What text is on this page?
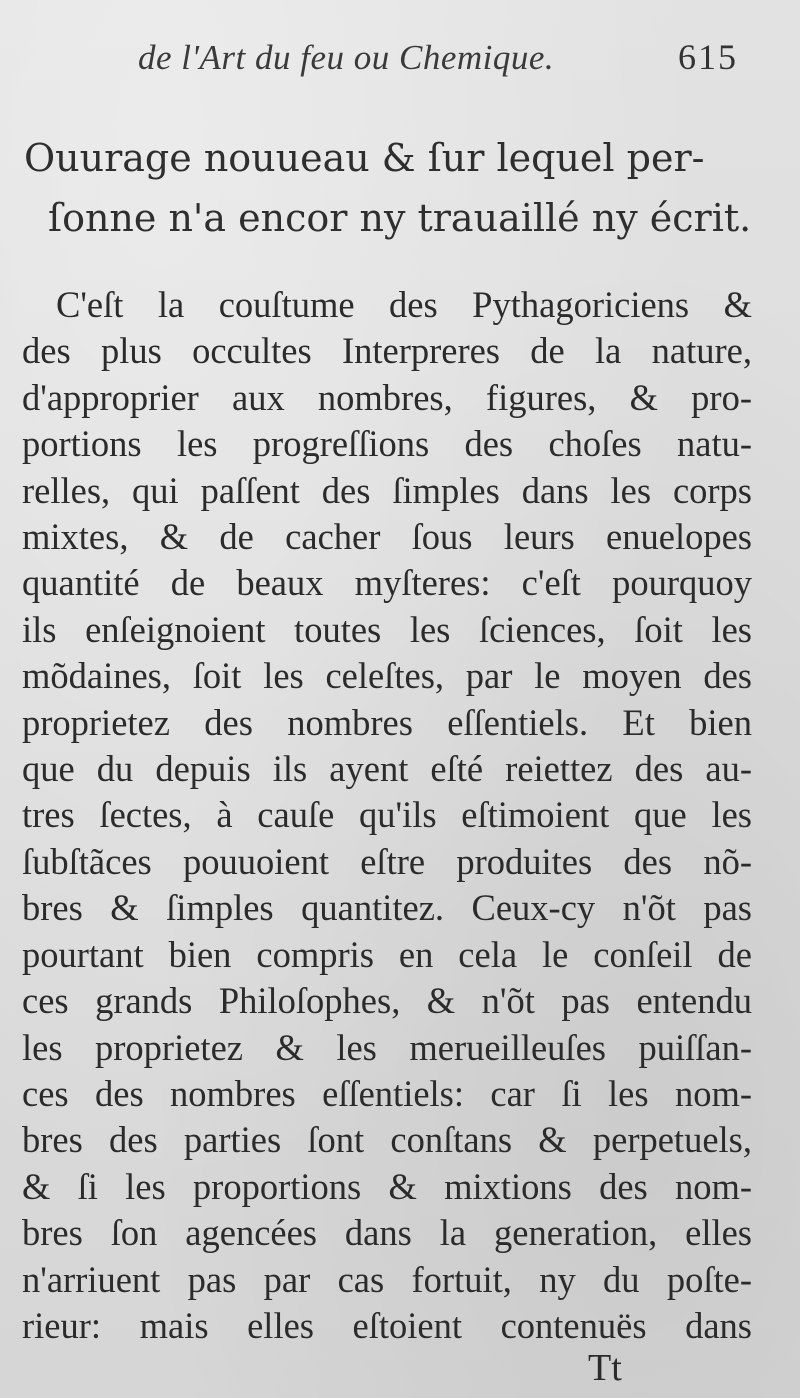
de l'Art du feu ou Chemique.	615
Ouurage nouueau & ſur lequel per-
ſonne n'a encor ny trauaillé ny écrit.
C'eſt la couſtume des Pythagoriciens &
des plus occultes Interpreres de la nature,
d'approprier aux nombres, figures, & pro-
portions les progreſſions des choſes natu-
relles, qui paſſent des ſimples dans les corps
mixtes, & de cacher ſous leurs enuelopes
quantité de beaux myſteres: c'eſt pourquoy
ils enſeignoient toutes les ſciences, ſoit les
mõdaines, ſoit les celeſtes, par le moyen des
proprietez des nombres eſſentiels. Et bien
que du depuis ils ayent eſté reiettez des au-
tres ſectes, à cauſe qu'ils eſtimoient que les
ſubſtãces pouuoient eſtre produites des nõ-
bres & ſimples quantitez. Ceux-cy n'õt pas
pourtant bien compris en cela le conſeil de
ces grands Philoſophes, & n'õt pas entendu
les proprietez & les merueilleuſes puiſſan-
ces des nombres eſſentiels: car ſi les nom-
bres des parties ſont conſtans & perpetuels,
& ſi les proportions & mixtions des nom-
bres ſon agencées dans la generation, elles
n'arriuent pas par cas fortuit, ny du poſte-
rieur: mais elles eſtoient contenuës dans
Tt
